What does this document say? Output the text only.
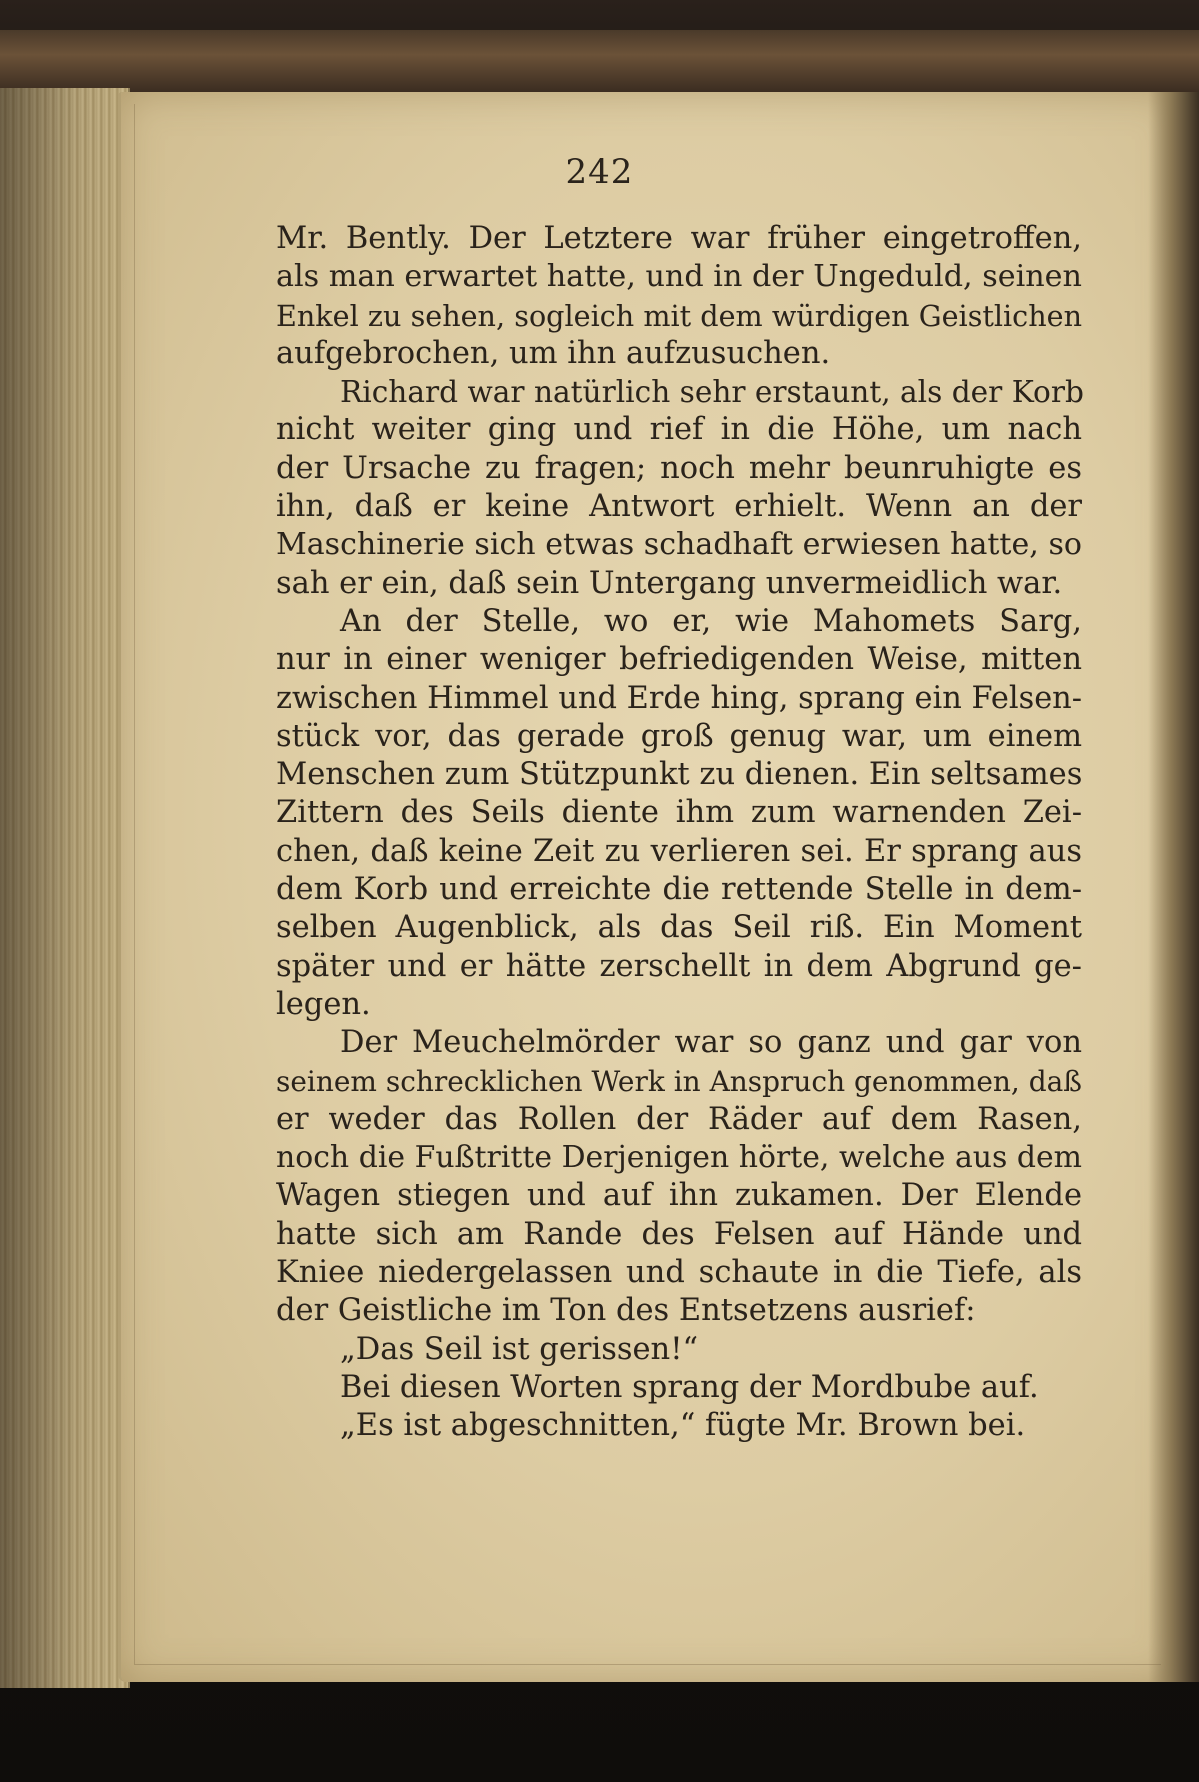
242
Mr. Bently. Der Letztere war früher eingetroffen,
als man erwartet hatte, und in der Ungeduld, seinen
Enkel zu sehen, sogleich mit dem würdigen Geistlichen
aufgebrochen, um ihn aufzusuchen.
Richard war natürlich sehr erstaunt, als der Korb
nicht weiter ging und rief in die Höhe, um nach
der Ursache zu fragen; noch mehr beunruhigte es
ihn, daß er keine Antwort erhielt. Wenn an der
Maschinerie sich etwas schadhaft erwiesen hatte, so
sah er ein, daß sein Untergang unvermeidlich war.
An der Stelle, wo er, wie Mahomets Sarg,
nur in einer weniger befriedigenden Weise, mitten
zwischen Himmel und Erde hing, sprang ein Felsen-
stück vor, das gerade groß genug war, um einem
Menschen zum Stützpunkt zu dienen. Ein seltsames
Zittern des Seils diente ihm zum warnenden Zei-
chen, daß keine Zeit zu verlieren sei. Er sprang aus
dem Korb und erreichte die rettende Stelle in dem-
selben Augenblick, als das Seil riß. Ein Moment
später und er hätte zerschellt in dem Abgrund ge-
legen.
Der Meuchelmörder war so ganz und gar von
seinem schrecklichen Werk in Anspruch genommen, daß
er weder das Rollen der Räder auf dem Rasen,
noch die Fußtritte Derjenigen hörte, welche aus dem
Wagen stiegen und auf ihn zukamen. Der Elende
hatte sich am Rande des Felsen auf Hände und
Kniee niedergelassen und schaute in die Tiefe, als
der Geistliche im Ton des Entsetzens ausrief:
„Das Seil ist gerissen!“
Bei diesen Worten sprang der Mordbube auf.
„Es ist abgeschnitten,“ fügte Mr. Brown bei.
